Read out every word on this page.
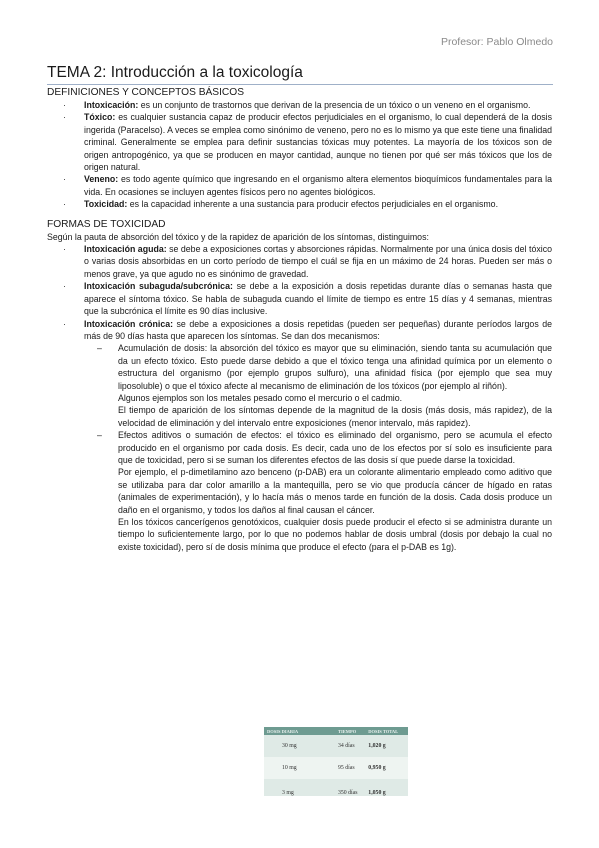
Profesor: Pablo Olmedo
TEMA 2: Introducción a la toxicología
DEFINICIONES Y CONCEPTOS BÁSICOS
· Intoxicación: es un conjunto de trastornos que derivan de la presencia de un tóxico o un veneno en el organismo.
· Tóxico: es cualquier sustancia capaz de producir efectos perjudiciales en el organismo, lo cual dependerá de la dosis ingerida (Paracelso). A veces se emplea como sinónimo de veneno, pero no es lo mismo ya que este tiene una finalidad criminal. Generalmente se emplea para definir sustancias tóxicas muy potentes. La mayoría de los tóxicos son de origen antropogénico, ya que se producen en mayor cantidad, aunque no tienen por qué ser más tóxicos que los de origen natural.
· Veneno: es todo agente químico que ingresando en el organismo altera elementos bioquímicos fundamentales para la vida. En ocasiones se incluyen agentes físicos pero no agentes biológicos.
· Toxicidad: es la capacidad inherente a una sustancia para producir efectos perjudiciales en el organismo.
FORMAS DE TOXICIDAD

Según la pauta de absorción del tóxico y de la rapidez de aparición de los síntomas, distinguimos:

· Intoxicación aguda: se debe a exposiciones cortas y absorciones rápidas. Normalmente por una única dosis del tóxico o varias dosis absorbidas en un corto período de tiempo el cuál se fija en un máximo de 24 horas. Pueden ser más o menos grave, ya que agudo no es sinónimo de gravedad.
· Intoxicación subaguda/subcrónica: se debe a la exposición a dosis repetidas durante días o semanas hasta que aparece el síntoma tóxico. Se habla de subaguda cuando el límite de tiempo es entre 15 días y 4 semanas, mientras que la subcrónica el límite es 90 días inclusive.
· Intoxicación crónica: se debe a exposiciones a dosis repetidas (pueden ser pequeñas) durante períodos largos de más de 90 días hasta que aparecen los síntomas. Se dan dos mecanismos:

– Acumulación de dosis: la absorción del tóxico es mayor que su eliminación, siendo tanta su acumulación que da un efecto tóxico. Esto puede darse debido a que el tóxico tenga una afinidad química por un elemento o estructura del organismo (por ejemplo grupos sulfuro), una afinidad física (por ejemplo que sea muy liposoluble) o que el tóxico afecte al mecanismo de eliminación de los tóxicos (por ejemplo al riñón).

Algunos ejemplos son los metales pesado como el mercurio o el cadmio.

El tiempo de aparición de los síntomas depende de la magnitud de la dosis (más dosis, más rapidez), de la velocidad de eliminación y del intervalo entre exposiciones (menor intervalo, más rapidez).

– Efectos aditivos o sumación de efectos: el tóxico es eliminado del organismo, pero se acumula el efecto producido en el organismo por cada dosis. Es decir, cada uno de los efectos por sí solo es insuficiente para que de toxicidad, pero si se suman los diferentes efectos de las dosis sí que puede darse la toxicidad.

Por ejemplo, el p-dimetilamino azo benceno (p-DAB) era un colorante alimentario empleado como aditivo que se utilizaba para dar color amarillo a la mantequilla, pero se vio que producía cáncer de hígado en ratas (animales de experimentación), y lo hacía más o menos tarde en función de la dosis. Cada dosis produce un daño en el organismo, y todos los daños al final causan el cáncer.

En los tóxicos cancerígenos genotóxicos, cualquier dosis puede producir el efecto si se administra durante un tiempo lo suficientemente largo, por lo que no podemos hablar de dosis umbral (dosis por debajo la cual no existe toxicidad), pero sí de dosis mínima que produce el efecto (para el p-DAB es 1g).

DOSIS DIARIA	TIEMPO	DOSIS TOTAL
30 mg	34 días	1,020 g
10 mg	95 días	0,950 g
3 mg	350 días	1,050 g
